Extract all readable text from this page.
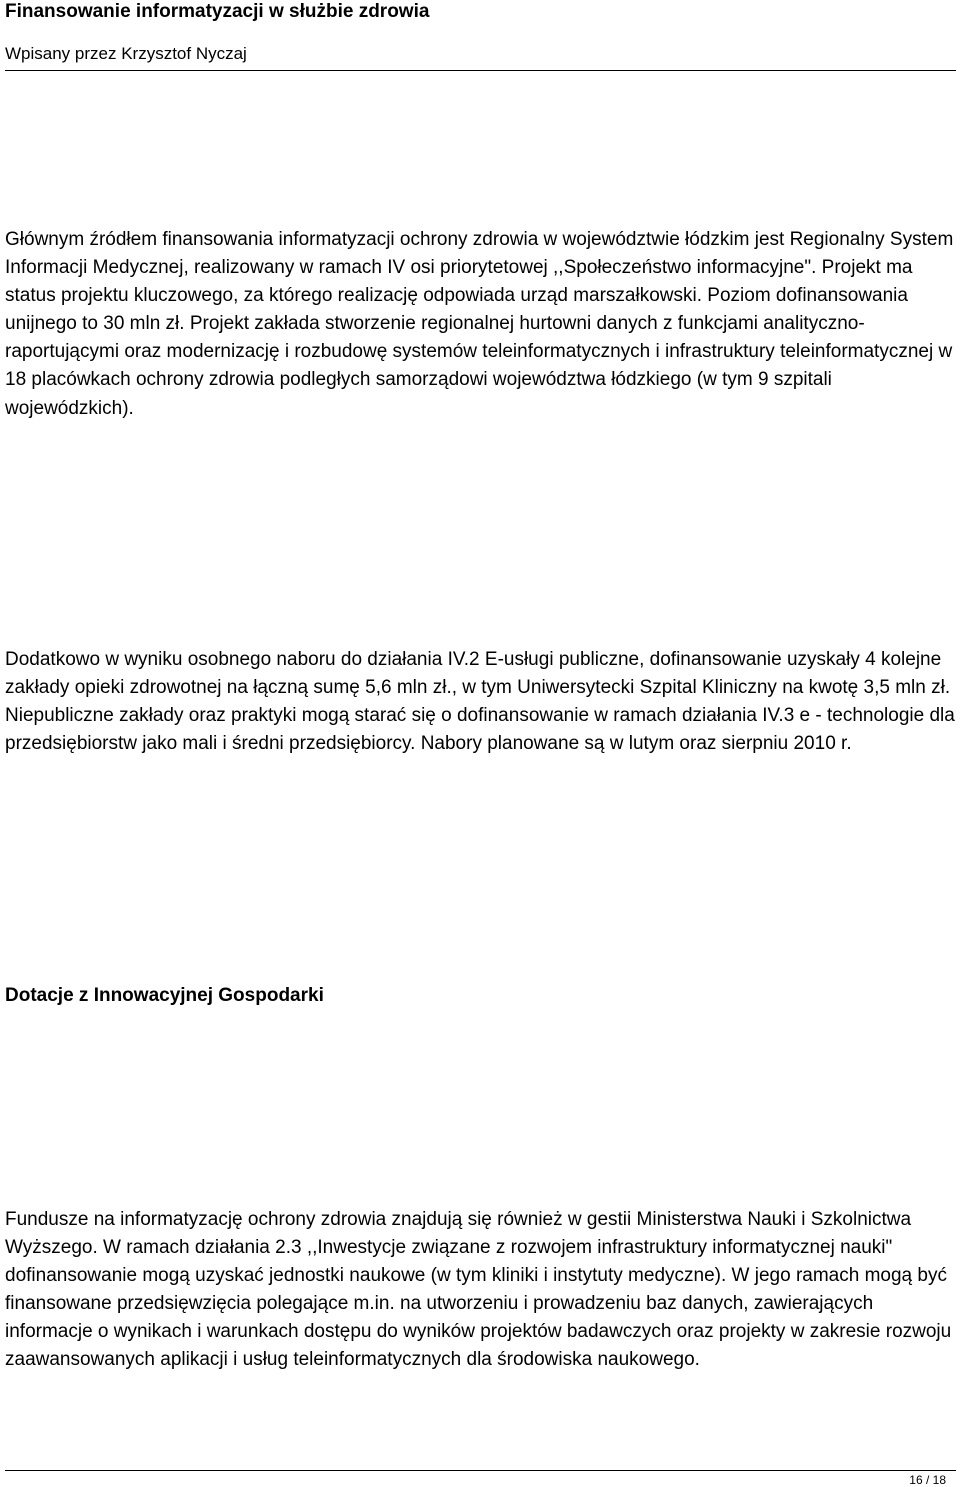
Finansowanie informatyzacji w służbie zdrowia
Wpisany przez Krzysztof Nyczaj

Głównym źródłem finansowania informatyzacji ochrony zdrowia w województwie łódzkim jest Regionalny System Informacji Medycznej, realizowany w ramach IV osi priorytetowej ,,Społeczeństwo informacyjne". Projekt ma status projektu kluczowego, za którego realizację odpowiada urząd marszałkowski. Poziom dofinansowania unijnego to 30 mln zł. Projekt zakłada stworzenie regionalnej hurtowni danych z funkcjami analityczno-raportującymi oraz modernizację i rozbudowę systemów teleinformatycznych i infrastruktury teleinformatycznej w 18 placówkach ochrony zdrowia podległych samorządowi województwa łódzkiego (w tym 9 szpitali wojewódzkich).

Dodatkowo w wyniku osobnego naboru do działania IV.2 E-usługi publiczne, dofinansowanie uzyskały 4 kolejne zakłady opieki zdrowotnej na łączną sumę 5,6 mln zł., w tym Uniwersytecki Szpital Kliniczny na kwotę 3,5 mln zł. Niepubliczne zakłady oraz praktyki mogą starać się o dofinansowanie w ramach działania IV.3 e - technologie dla przedsiębiorstw jako mali i średni przedsiębiorcy. Nabory planowane są w lutym oraz sierpniu 2010 r.

Dotacje z Innowacyjnej Gospodarki

Fundusze na informatyzację ochrony zdrowia znajdują się również w gestii Ministerstwa Nauki i Szkolnictwa Wyższego. W ramach działania 2.3 ,,Inwestycje związane z rozwojem infrastruktury informatycznej nauki" dofinansowanie mogą uzyskać jednostki naukowe (w tym kliniki i instytuty medyczne). W jego ramach mogą być finansowane przedsięwzięcia polegające m.in. na utworzeniu i prowadzeniu baz danych, zawierających informacje o wynikach i warunkach dostępu do wyników projektów badawczych oraz projekty w zakresie rozwoju zaawansowanych aplikacji i usług teleinformatycznych dla środowiska naukowego.

16 / 18
